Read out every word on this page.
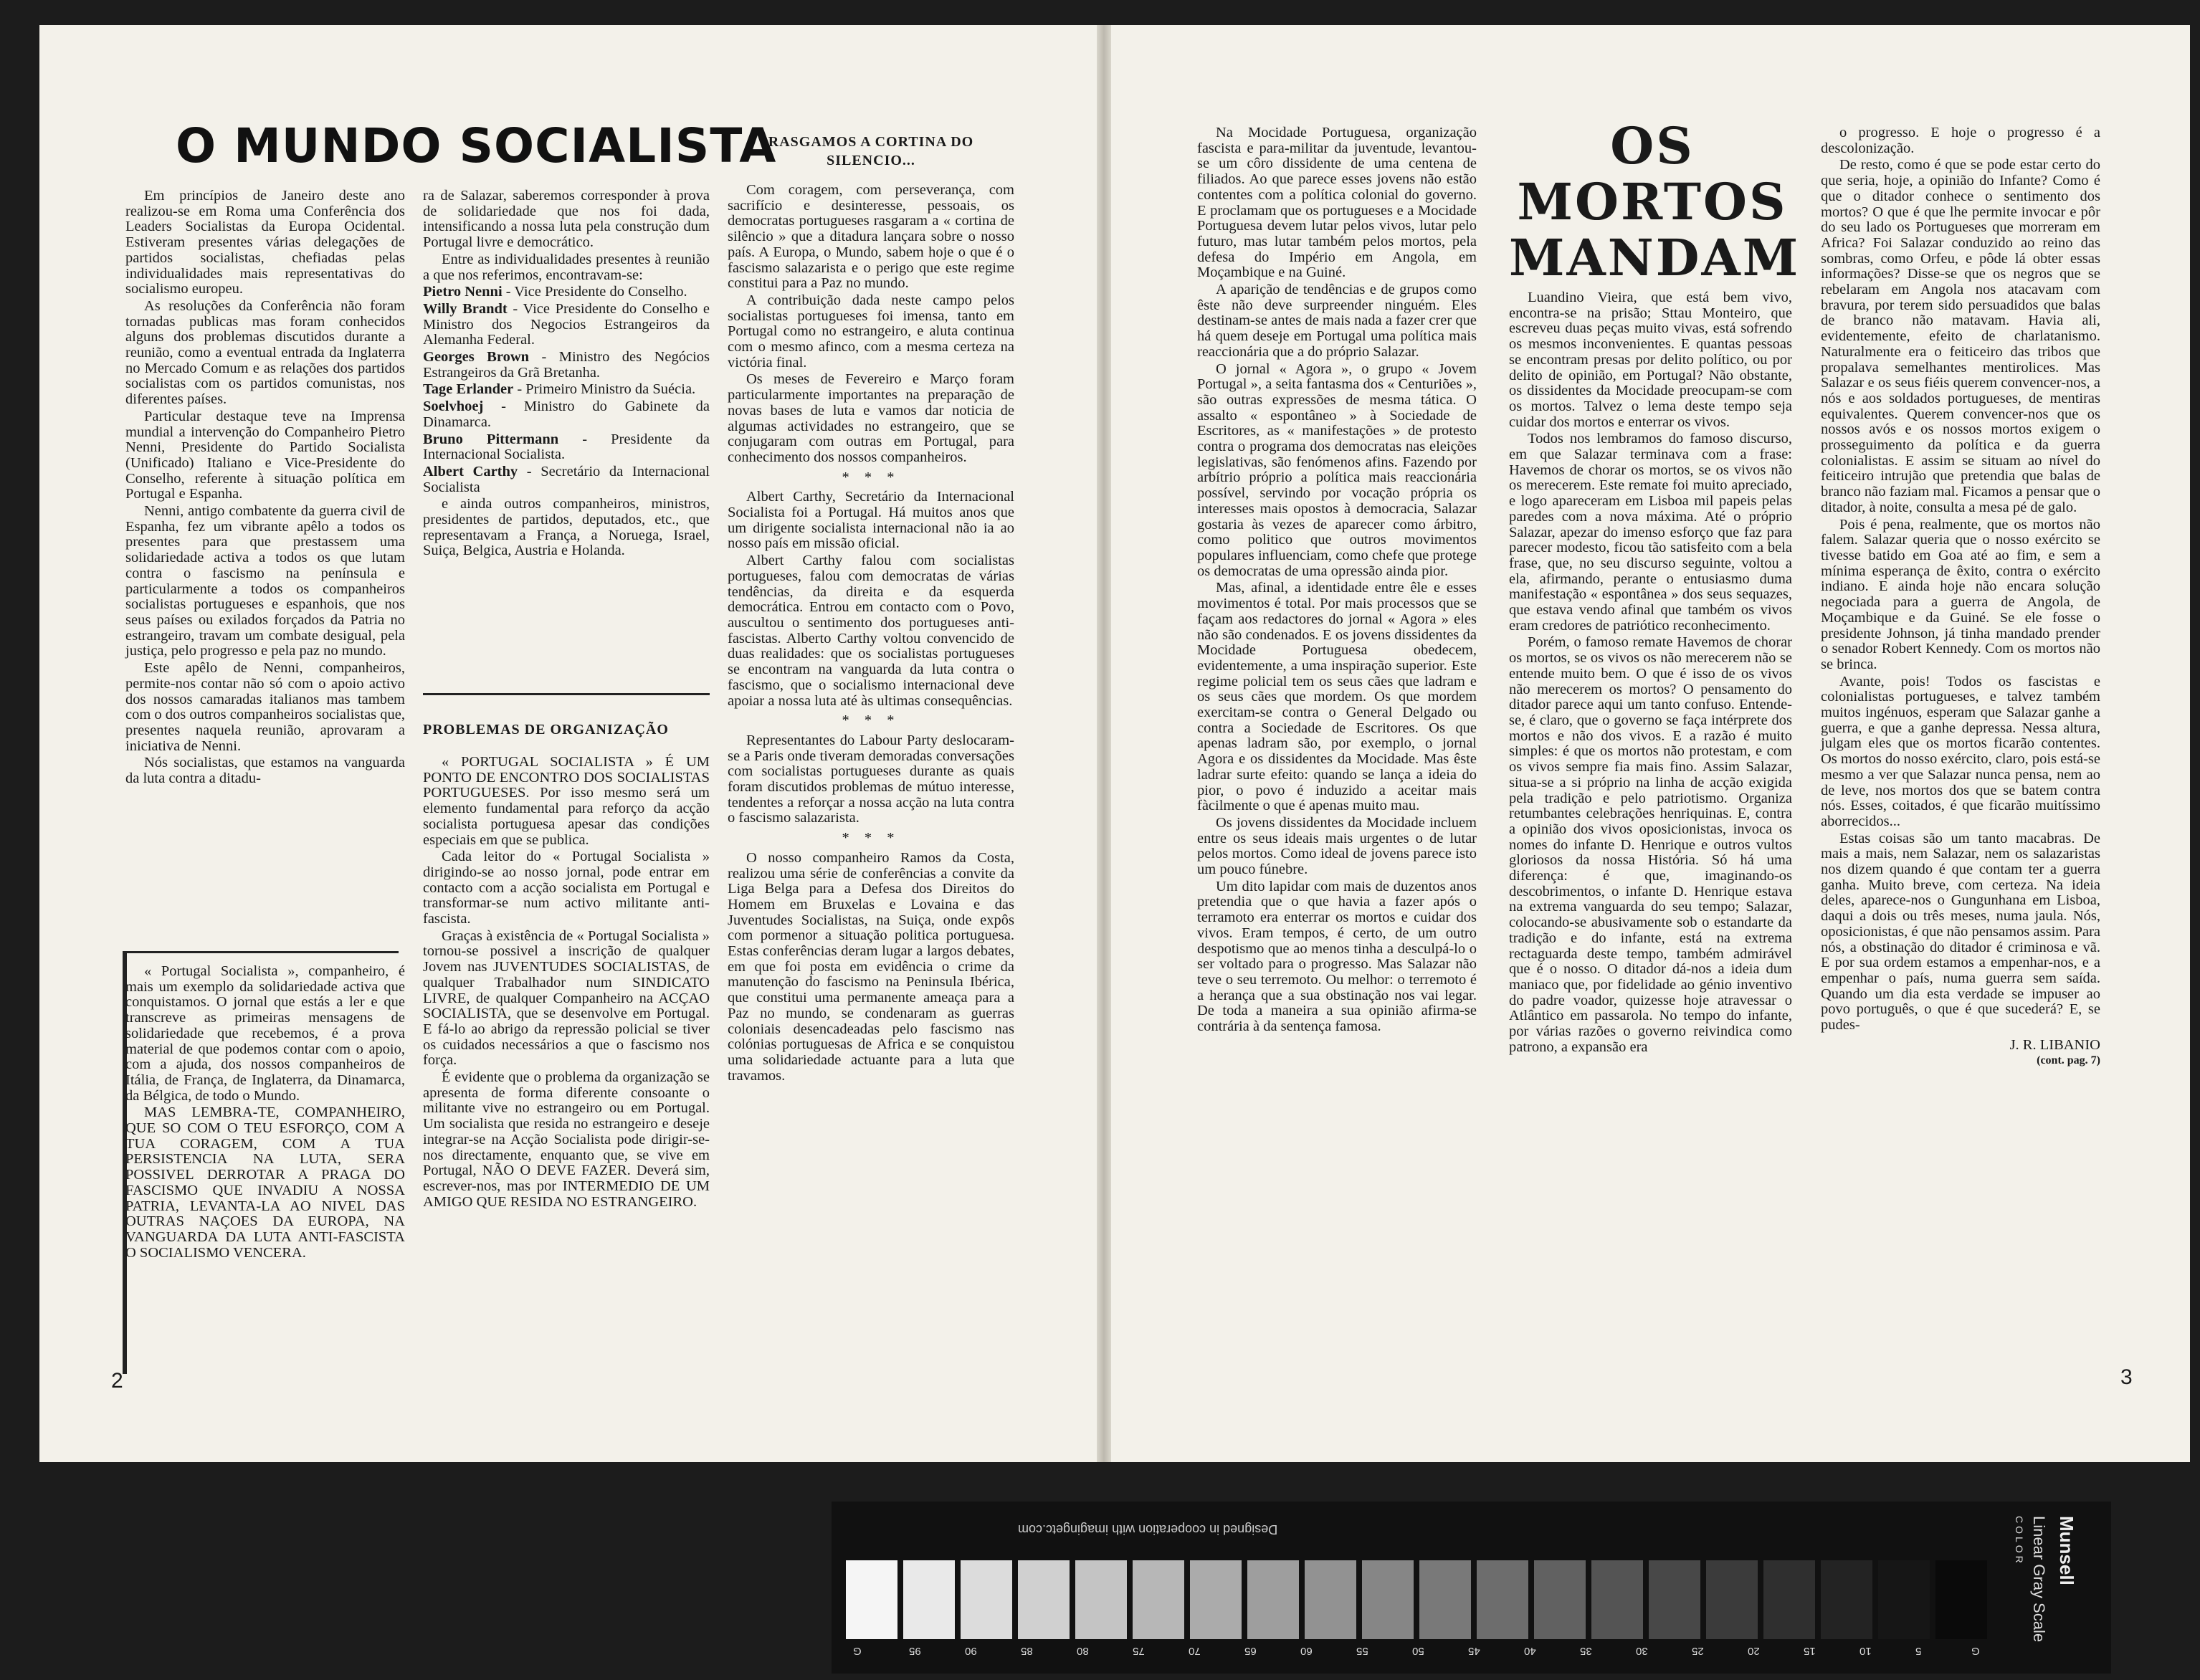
O MUNDO SOCIALISTA

Em princípios de Janeiro deste ano realizou-se em Roma uma Conferência dos Leaders Socialistas da Europa Ocidental. Estiveram presentes várias delegações de partidos socialistas, chefiadas pelas individualidades mais representativas do socialismo europeu.

As resoluções da Conferência não foram tornadas publicas mas foram conhecidos alguns dos problemas discutidos durante a reunião, como a eventual entrada da Inglaterra no Mercado Comum e as relações dos partidos socialistas com os partidos comunistas, nos diferentes países.

Particular destaque teve na Imprensa mundial a intervenção do Companheiro Pietro Nenni, Presidente do Partido Socialista (Unificado) Italiano e Vice-Presidente do Conselho, referente à situação política em Portugal e Espanha.

Nenni, antigo combatente da guerra civil de Espanha, fez um vibrante apêlo a todos os presentes para que prestassem uma solidariedade activa a todos os que lutam contra o fascismo na península e particularmente a todos os companheiros socialistas portugueses e espanhois, que nos seus países ou exilados forçados da Patria no estrangeiro, travam um combate desigual, pela justiça, pelo progresso e pela paz no mundo.

Este apêlo de Nenni, companheiros, permite-nos contar não só com o apoio activo dos nossos camaradas italianos mas tambem com o dos outros companheiros socialistas que, presentes naquela reunião, aprovaram a iniciativa de Nenni.

Nós socialistas, que estamos na vanguarda da luta contra a ditadu-

« Portugal Socialista », companheiro, é mais um exemplo da solidariedade activa que conquistamos. O jornal que estás a ler e que transcreve as primeiras mensagens de solidariedade que recebemos, é a prova material de que podemos contar com o apoio, com a ajuda, dos nossos companheiros de Itália, de França, de Inglaterra, da Dinamarca, da Bélgica, de todo o Mundo.

MAS LEMBRA-TE, COMPANHEIRO, QUE SO COM O TEU ESFORÇO, COM A TUA CORAGEM, COM A TUA PERSISTENCIA NA LUTA, SERA POSSIVEL DERROTAR A PRAGA DO FASCISMO QUE INVADIU A NOSSA PATRIA, LEVANTA-LA AO NIVEL DAS OUTRAS NAÇOES DA EUROPA, NA VANGUARDA DA LUTA ANTI-FASCISTA O SOCIALISMO VENCERA.

ra de Salazar, saberemos corresponder à prova de solidariedade que nos foi dada, intensificando a nossa luta pela construção dum Portugal livre e democrático.

Entre as individualidades presentes à reunião a que nos referimos, encontravam-se:

Pietro Nenni - Vice Presidente do Conselho.

Willy Brandt - Vice Presidente do Conselho e Ministro dos Negocios Estrangeiros da Alemanha Federal.

Georges Brown - Ministro des Negócios Estrangeiros da Grã Bretanha.

Tage Erlander - Primeiro Ministro da Suécia.

Soelvhoej - Ministro do Gabinete da Dinamarca.

Bruno Pittermann - Presidente da Internacional Socialista.

Albert Carthy - Secretário da Internacional Socialista

e ainda outros companheiros, ministros, presidentes de partidos, deputados, etc., que representavam a França, a Noruega, Israel, Suiça, Belgica, Austria e Holanda.

PROBLEMAS DE ORGANIZAÇÃO

« PORTUGAL SOCIALISTA » É UM PONTO DE ENCONTRO DOS SOCIALISTAS PORTUGUESES. Por isso mesmo será um elemento fundamental para reforço da acção socialista portuguesa apesar das condições especiais em que se publica.

Cada leitor do « Portugal Socialista » dirigindo-se ao nosso jornal, pode entrar em contacto com a acção socialista em Portugal e transformar-se num activo militante anti-fascista.

Graças à existência de « Portugal Socialista » tornou-se possivel a inscrição de qualquer Jovem nas JUVENTUDES SOCIALISTAS, de qualquer Trabalhador num SINDICATO LIVRE, de qualquer Companheiro na ACÇAO SOCIALISTA, que se desenvolve em Portugal. E fá-lo ao abrigo da repressão policial se tiver os cuidados necessários a que o fascismo nos força.

É evidente que o problema da organização se apresenta de forma diferente consoante o militante vive no estrangeiro ou em Portugal. Um socialista que resida no estrangeiro e deseje integrar-se na Acção Socialista pode dirigir-se-nos directamente, enquanto que, se vive em Portugal, NÃO O DEVE FAZER. Deverá sim, escrever-nos, mas por INTERMEDIO DE UM AMIGO QUE RESIDA NO ESTRANGEIRO.

RASGAMOS A CORTINA DO SILENCIO...

Com coragem, com perseverança, com sacrifício e desinteresse, pessoais, os democratas portugueses rasgaram a « cortina de silêncio » que a ditadura lançara sobre o nosso país. A Europa, o Mundo, sabem hoje o que é o fascismo salazarista e o perigo que este regime constitui para a Paz no mundo.

A contribuição dada neste campo pelos socialistas portugueses foi imensa, tanto em Portugal como no estrangeiro, e aluta continua com o mesmo afinco, com a mesma certeza na victória final.

Os meses de Fevereiro e Março foram particularmente importantes na preparação de novas bases de luta e vamos dar noticia de algumas actividades no estrangeiro, que se conjugaram com outras em Portugal, para conhecimento dos nossos companheiros.

* * *

Albert Carthy, Secretário da Internacional Socialista foi a Portugal. Há muitos anos que um dirigente socialista internacional não ia ao nosso país em missão oficial.

Albert Carthy falou com socialistas portugueses, falou com democratas de várias tendências, da direita e da esquerda democrática. Entrou em contacto com o Povo, auscultou o sentimento dos portugueses anti-fascistas. Alberto Carthy voltou convencido de duas realidades: que os socialistas portugueses se encontram na vanguarda da luta contra o fascismo, que o socialismo internacional deve apoiar a nossa luta até às ultimas consequências.

* * *

Representantes do Labour Party deslocaram-se a Paris onde tiveram demoradas conversações com socialistas portugueses durante as quais foram discutidos problemas de mútuo interesse, tendentes a reforçar a nossa acção na luta contra o fascismo salazarista.

* * *

O nosso companheiro Ramos da Costa, realizou uma série de conferências a convite da Liga Belga para a Defesa dos Direitos do Homem em Bruxelas e Lovaina e das Juventudes Socialistas, na Suiça, onde expôs com pormenor a situação politica portuguesa. Estas conferências deram lugar a largos debates, em que foi posta em evidência o crime da manutenção do fascismo na Peninsula Ibérica, que constitui uma permanente ameaça para a Paz no mundo, se condenaram as guerras coloniais desencadeadas pelo fascismo nas colónias portuguesas de Africa e se conquistou uma solidariedade actuante para a luta que travamos.

2

Na Mocidade Portuguesa, organização fascista e para-militar da juventude, levantou-se um côro dissidente de uma centena de filiados. Ao que parece esses jovens não estão contentes com a política colonial do governo. E proclamam que os portugueses e a Mocidade Portuguesa devem lutar pelos vivos, lutar pelo futuro, mas lutar também pelos mortos, pela defesa do Império em Angola, em Moçambique e na Guiné.

A aparição de tendências e de grupos como êste não deve surpreender ninguém. Eles destinam-se antes de mais nada a fazer crer que há quem deseje em Portugal uma política mais reaccionária que a do próprio Salazar.

O jornal « Agora », o grupo « Jovem Portugal », a seita fantasma dos « Centuriões », são outras expressões de mesma tática. O assalto « espontâneo » à Sociedade de Escritores, as « manifestações » de protesto contra o programa dos democratas nas eleições legislativas, são fenómenos afins. Fazendo por arbítrio próprio a política mais reaccionária possível, servindo por vocação própria os interesses mais opostos à democracia, Salazar gostaria às vezes de aparecer como árbitro, como politico que outros movimentos populares influenciam, como chefe que protege os democratas de uma opressão ainda pior.

Mas, afinal, a identidade entre êle e esses movimentos é total. Por mais processos que se façam aos redactores do jornal « Agora » eles não são condenados. E os jovens dissidentes da Mocidade Portuguesa obedecem, evidentemente, a uma inspiração superior. Este regime policial tem os seus cães que ladram e os seus cães que mordem. Os que mordem exercitam-se contra o General Delgado ou contra a Sociedade de Escritores. Os que apenas ladram são, por exemplo, o jornal Agora e os dissidentes da Mocidade. Mas êste ladrar surte efeito: quando se lança a ideia do pior, o povo é induzido a aceitar mais fàcilmente o que é apenas muito mau.

Os jovens dissidentes da Mocidade incluem entre os seus ideais mais urgentes o de lutar pelos mortos. Como ideal de jovens parece isto um pouco fúnebre.

Um dito lapidar com mais de duzentos anos pretendia que o que havia a fazer após o terramoto era enterrar os mortos e cuidar dos vivos. Eram tempos, é certo, de um outro despotismo que ao menos tinha a desculpá-lo o ser voltado para o progresso. Mas Salazar não teve o seu terremoto. Ou melhor: o terremoto é a herança que a sua obstinação nos vai legar. De toda a maneira a sua opinião afirma-se contrária à da sentença famosa.

OS
MORTOS
MANDAM

Luandino Vieira, que está bem vivo, encontra-se na prisão; Sttau Monteiro, que escreveu duas peças muito vivas, está sofrendo os mesmos inconvenientes. E quantas pessoas se encontram presas por delito político, ou por delito de opinião, em Portugal? Não obstante, os dissidentes da Mocidade preocupam-se com os mortos. Talvez o lema deste tempo seja cuidar dos mortos e enterrar os vivos.

Todos nos lembramos do famoso discurso, em que Salazar terminava com a frase: Havemos de chorar os mortos, se os vivos não os merecerem. Este remate foi muito apreciado, e logo apareceram em Lisboa mil papeis pelas paredes com a nova máxima. Até o próprio Salazar, apezar do imenso esforço que faz para parecer modesto, ficou tão satisfeito com a bela frase, que, no seu discurso seguinte, voltou a ela, afirmando, perante o entusiasmo duma manifestação « espontânea » dos seus sequazes, que estava vendo afinal que também os vivos eram credores de patriótico reconhecimento.

Porém, o famoso remate Havemos de chorar os mortos, se os vivos os não merecerem não se entende muito bem. O que é isso de os vivos não merecerem os mortos? O pensamento do ditador parece aqui um tanto confuso. Entende-se, é claro, que o governo se faça intérprete dos mortos e não dos vivos. E a razão é muito simples: é que os mortos não protestam, e com os vivos sempre fia mais fino. Assim Salazar, situa-se a si próprio na linha de acção exigida pela tradição e pelo patriotismo. Organiza retumbantes celebrações henriquinas. E, contra a opinião dos vivos oposicionistas, invoca os nomes do infante D. Henrique e outros vultos gloriosos da nossa História. Só há uma diferença: é que, imaginando-os descobrimentos, o infante D. Henrique estava na extrema vanguarda do seu tempo; Salazar, colocando-se abusivamente sob o estandarte da tradição e do infante, está na extrema rectaguarda deste tempo, também admirável que é o nosso. O ditador dá-nos a ideia dum maniaco que, por fidelidade ao génio inventivo do padre voador, quizesse hoje atravessar o Atlântico em passarola. No tempo do infante, por várias razões o governo reivindica como patrono, a expansão era

o progresso. E hoje o progresso é a descolonização.

De resto, como é que se pode estar certo do que seria, hoje, a opinião do Infante? Como é que o ditador conhece o sentimento dos mortos? O que é que lhe permite invocar e pôr do seu lado os Portugueses que morreram em Africa? Foi Salazar conduzido ao reino das sombras, como Orfeu, e pôde lá obter essas informações? Disse-se que os negros que se rebelaram em Angola nos atacavam com bravura, por terem sido persuadidos que balas de branco não matavam. Havia ali, evidentemente, efeito de charlatanismo. Naturalmente era o feiticeiro das tribos que propalava semelhantes mentirolices. Mas Salazar e os seus fiéis querem convencer-nos, a nós e aos soldados portugueses, de mentiras equivalentes. Querem convencer-nos que os nossos avós e os nossos mortos exigem o prosseguimento da política e da guerra colonialistas. E assim se situam ao nível do feiticeiro intrujão que pretendia que balas de branco não faziam mal. Ficamos a pensar que o ditador, à noite, consulta a mesa pé de galo.

Pois é pena, realmente, que os mortos não falem. Salazar queria que o nosso exército se tivesse batido em Goa até ao fim, e sem a mínima esperança de êxito, contra o exército indiano. E ainda hoje não encara solução negociada para a guerra de Angola, de Moçambique e da Guiné. Se ele fosse o presidente Johnson, já tinha mandado prender o senador Robert Kennedy. Com os mortos não se brinca.

Avante, pois! Todos os fascistas e colonialistas portugueses, e talvez também muitos ingénuos, esperam que Salazar ganhe a guerra, e que a ganhe depressa. Nessa altura, julgam eles que os mortos ficarão contentes. Os mortos do nosso exército, claro, pois está-se mesmo a ver que Salazar nunca pensa, nem ao de leve, nos mortos dos que se batem contra nós. Esses, coitados, é que ficarão muitíssimo aborrecidos...

Estas coisas são um tanto macabras. De mais a mais, nem Salazar, nem os salazaristas nos dizem quando é que contam ter a guerra ganha. Muito breve, com certeza. Na ideia deles, aparece-nos o Gungunhana em Lisboa, daqui a dois ou três meses, numa jaula. Nós, oposicionistas, é que não pensamos assim. Para nós, a obstinação do ditador é criminosa e vã. E por sua ordem estamos a empenhar-nos, e a empenhar o país, numa guerra sem saída. Quando um dia esta verdade se impuser ao povo português, o que é que sucederá? E, se pudes-

J. R. LIBANIO
(cont. pag. 7)
3
Designed in cooperation with imagingetc.com
G	95	90	85	80	75	70	65	60	55	50	45	40	35	30	25	20	15	10	5	G
Munsell
Linear Gray Scale
COLOR
